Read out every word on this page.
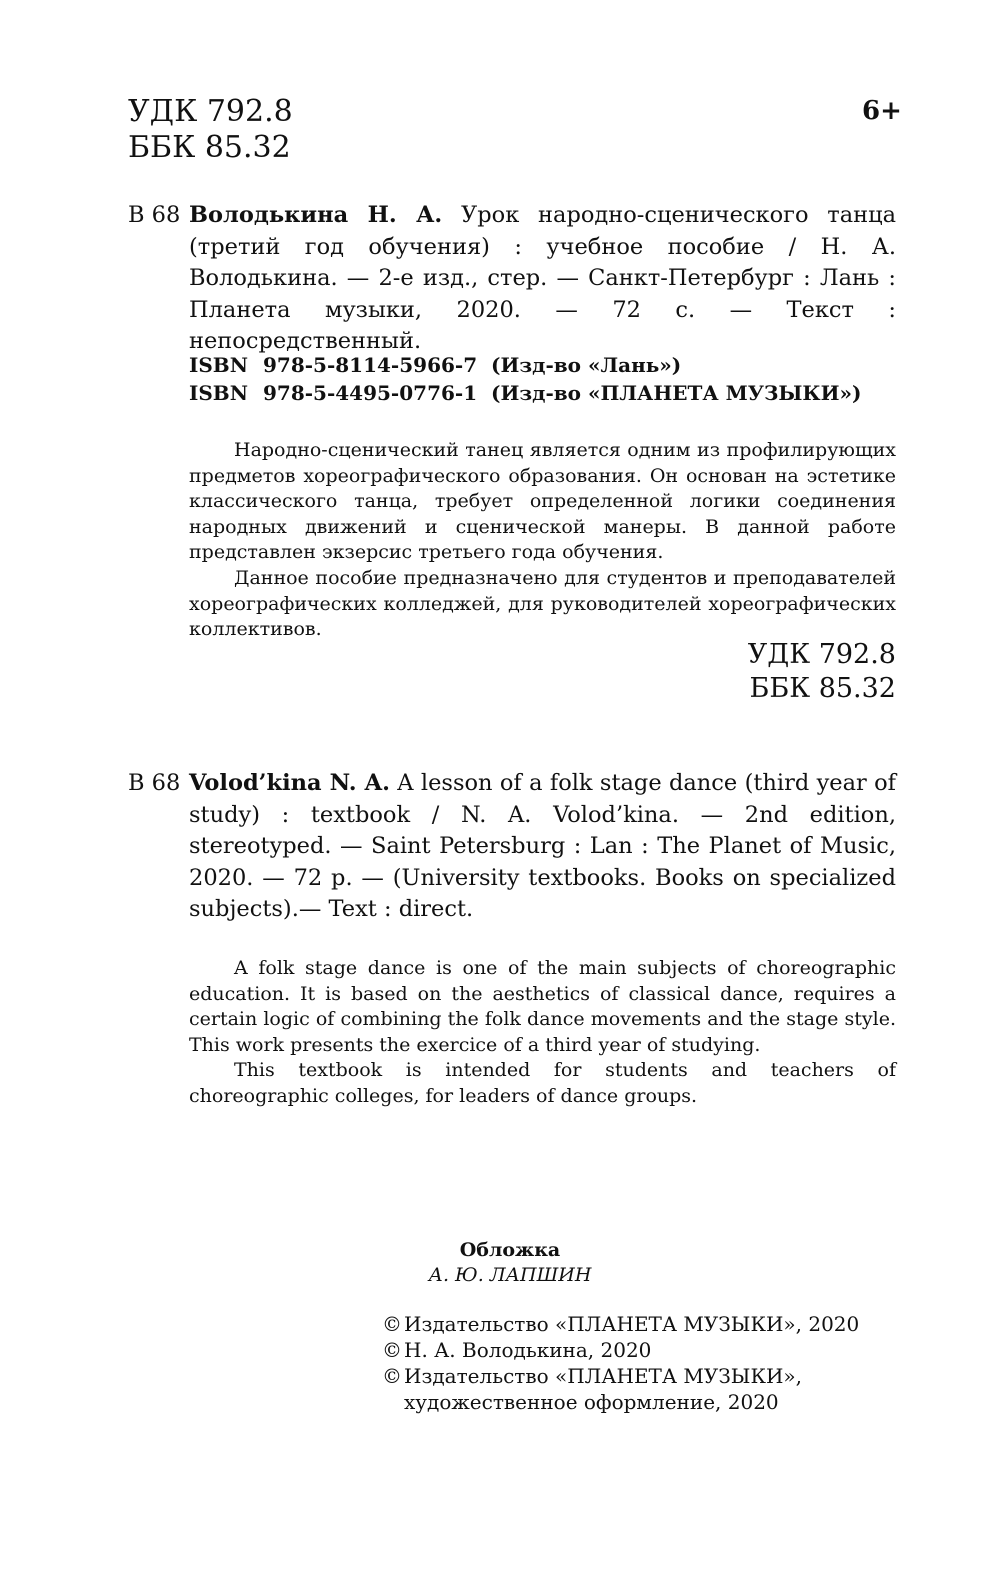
УДК 792.8
ББК 85.32
6+
В 68 Володькина Н. А. Урок народно-сценического танца (третий год обучения) : учебное пособие / Н. А. Володькина. — 2-е изд., стер. — Санкт-Петербург : Лань : Планета музыки, 2020. — 72 с. — Текст : непосредственный.
ISBN 978-5-8114-5966-7 (Изд-во «Лань»)
ISBN 978-5-4495-0776-1 (Изд-во «ПЛАНЕТА МУЗЫКИ»)

Народно-сценический танец является одним из профилирующих предметов хореографического образования. Он основан на эстетике классического танца, требует определенной логики соединения народных движений и сценической манеры. В данной работе представлен экзерсис третьего года обучения.

Данное пособие предназначено для студентов и преподавателей хореографических колледжей, для руководителей хореографических коллективов.

УДК 792.8
ББК 85.32
В 68 Volod’kina N. A. A lesson of a folk stage dance (third year of study) : textbook / N. A. Volod’kina. — 2nd edition, stereotyped. — Saint Petersburg : Lan : The Planet of Music, 2020. — 72 p. — (University textbooks. Books on specialized subjects).— Text : direct.

A folk stage dance is one of the main subjects of choreographic education. It is based on the aesthetics of classical dance, requires a certain logic of combining the folk dance movements and the stage style. This work presents the exercice of a third year of studying.

This textbook is intended for students and teachers of choreographic colleges, for leaders of dance groups.

Обложка
А. Ю. ЛАПШИН
© Издательство «ПЛАНЕТА МУЗЫКИ», 2020
© Н. А. Володькина, 2020
© Издательство «ПЛАНЕТА МУЗЫКИ»,
художественное оформление, 2020
